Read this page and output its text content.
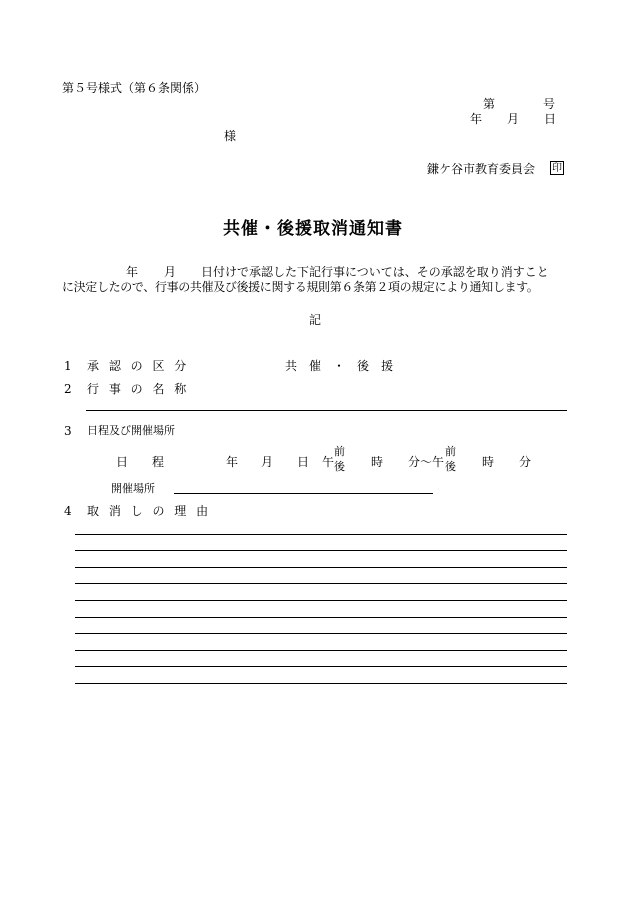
第５号様式（第６条関係）
第	号
年 月 日
様
鎌ケ谷市教育委員会 印
共催・後援取消通知書
年 月 日付けで承認した下記行事については、その承認を取り消すこと
に決定したので、行事の共催及び後援に関する規則第６条第２項の規定により通知します。
記
1 承 認 の 区 分	共　催　・　後　援
2 行 事 の 名 称
3 日程及び開催場所
日　　程	年 月 日 午
前
後 時 分～午
前
後 時 分
開催場所
4 取 消 し の 理 由
